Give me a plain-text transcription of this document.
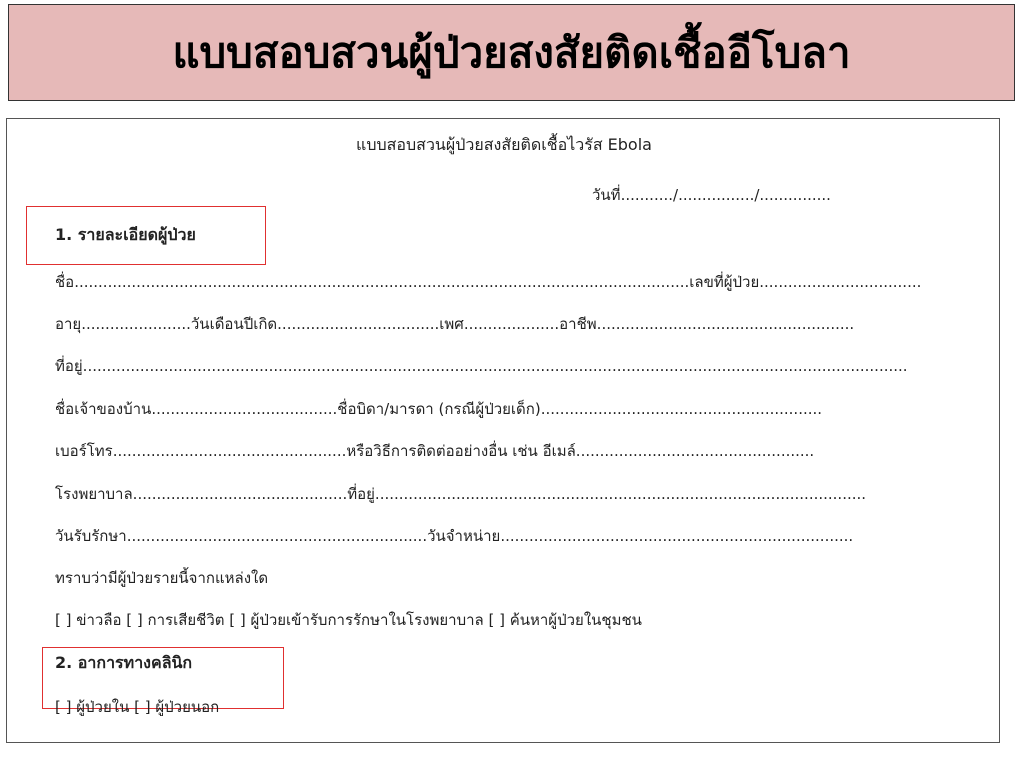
แบบสอบสวนผู้ป่วยสงสัยติดเชื้ออีโบลา
แบบสอบสวนผู้ป่วยสงสัยติดเชื้อไวรัส Ebola
วันที่.........../................/...............
1. รายละเอียดผู้ป่วย
ชื่อ.................................................................................................................................เลขที่ผู้ป่วย..................................
อายุ.......................วันเดือนปีเกิด..................................เพศ....................อาชีพ......................................................
ที่อยู่.............................................................................................................................................................................
ชื่อเจ้าของบ้าน.......................................ชื่อบิดา/มารดา (กรณีผู้ป่วยเด็ก)...........................................................
เบอร์โทร.................................................หรือวิธีการติดต่ออย่างอื่น เช่น อีเมล์..................................................
โรงพยาบาล.............................................ที่อยู่.......................................................................................................
วันรับรักษา...............................................................วันจำหน่าย..........................................................................
ทราบว่ามีผู้ป่วยรายนี้จากแหล่งใด
[ ] ข่าวลือ [ ] การเสียชีวิต [ ] ผู้ป่วยเข้ารับการรักษาในโรงพยาบาล [ ] ค้นหาผู้ป่วยในชุมชน
2. อาการทางคลินิก
[ ] ผู้ป่วยใน [ ] ผู้ป่วยนอก
